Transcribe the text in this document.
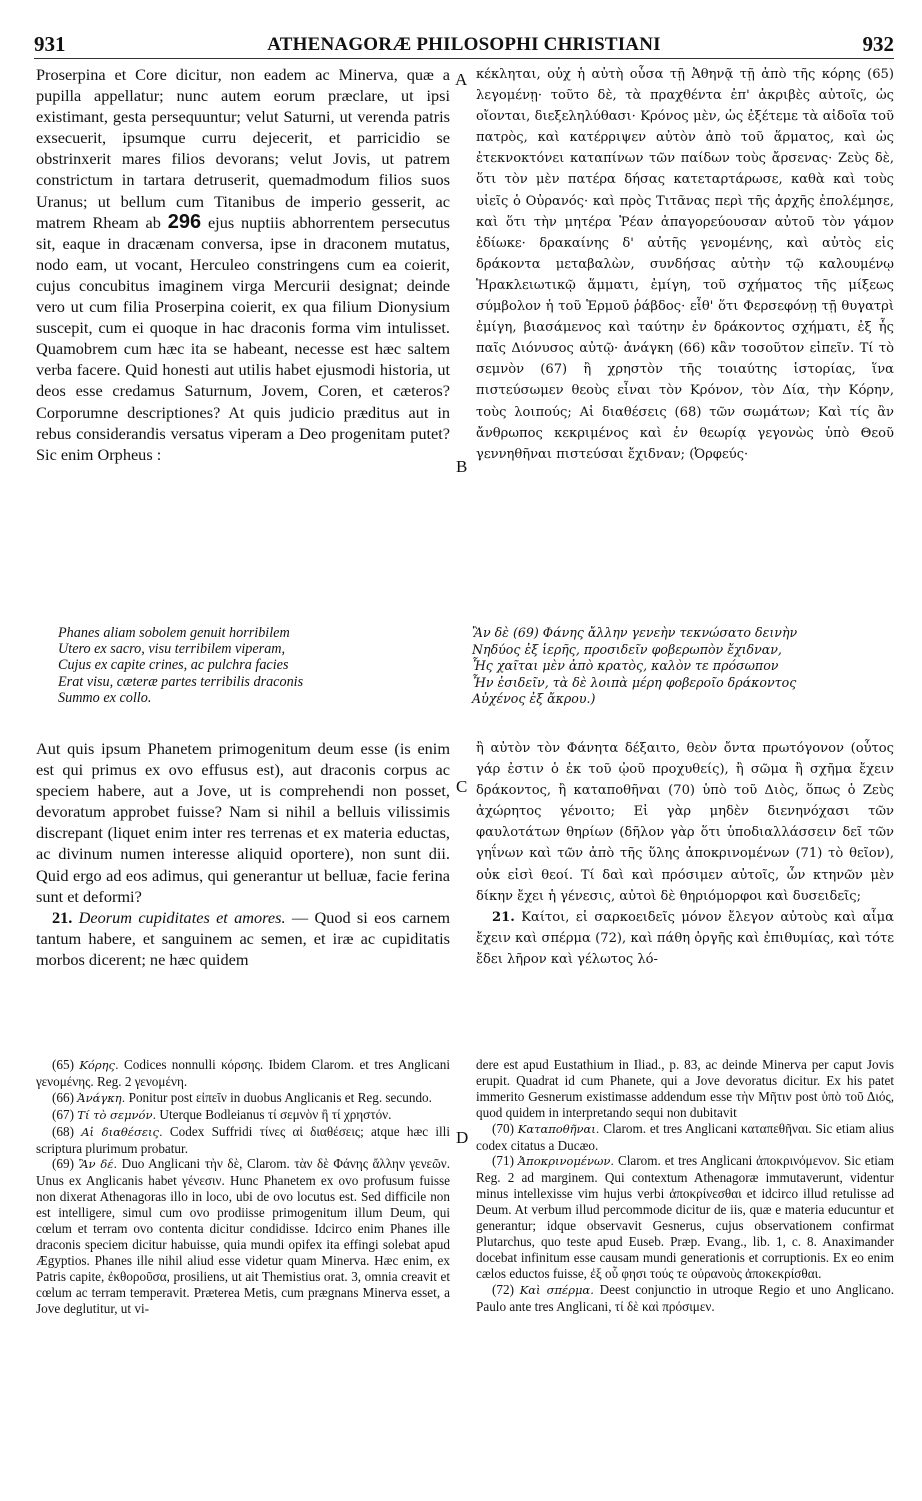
931	ATHENAGORÆ PHILOSOPHI CHRISTIANI	932
A
B
C
D

Proserpina et Core dicitur, non eadem ac Minerva, quæ a pupilla appellatur; nunc autem eorum præclare, ut ipsi existimant, gesta persequuntur; velut Saturni, ut verenda patris exsecuerit, ipsumque curru dejecerit, et parricidio se obstrinxerit mares filios devorans; velut Jovis, ut patrem constrictum in tartara detruserit, quemadmodum filios suos Uranus; ut bellum cum Titanibus de imperio gesserit, ac matrem Rheam ab 296 ejus nuptiis abhorrentem persecutus sit, eaque in dracænam conversa, ipse in draconem mutatus, nodo eam, ut vocant, Herculeo constringens cum ea coierit, cujus concubitus imaginem virga Mercurii designat; deinde vero ut cum filia Proserpina coierit, ex qua filium Dionysium suscepit, cum ei quoque in hac draconis forma vim intulisset. Quamobrem cum hæc ita se habeant, necesse est hæc saltem verba facere. Quid honesti aut utilis habet ejusmodi historia, ut deos esse credamus Saturnum, Jovem, Coren, et cæteros? Corporumne descriptiones? At quis judicio præditus aut in rebus considerandis versatus viperam a Deo progenitam putet? Sic enim Orpheus :

Phanes aliam sobolem genuit horribilem
Utero ex sacro, visu terribilem viperam,
Cujus ex capite crines, ac pulchra facies
Erat visu, cæteræ partes terribilis draconis
Summo ex collo.

Aut quis ipsum Phanetem primogenitum deum esse (is enim est qui primus ex ovo effusus est), aut draconis corpus ac speciem habere, aut a Jove, ut is comprehendi non posset, devoratum approbet fuisse? Nam si nihil a belluis vilissimis discrepant (liquet enim inter res terrenas et ex materia eductas, ac divinum numen interesse aliquid oportere), non sunt dii. Quid ergo ad eos adimus, qui generantur ut belluæ, facie ferina sunt et deformi?

21. Deorum cupiditates et amores. — Quod si eos carnem tantum habere, et sanguinem ac semen, et iræ ac cupiditatis morbos dicerent; ne hæc quidem

κέκληται, οὐχ ἡ αὐτὴ οὖσα τῇ Ἀθηνᾷ τῇ ἀπὸ τῆς κόρης (65) λεγομένῃ· τοῦτο δὲ, τὰ πραχθέντα ἐπ' ἀκριβὲς αὐτοῖς, ὡς οἴονται, διεξεληλύθασι· Κρόνος μὲν, ὡς ἐξέτεμε τὰ αἰδοῖα τοῦ πατρὸς, καὶ κατέρριψεν αὐτὸν ἀπὸ τοῦ ἅρματος, καὶ ὡς ἐτεκνοκτόνει καταπίνων τῶν παίδων τοὺς ἄρσενας· Ζεὺς δὲ, ὅτι τὸν μὲν πατέρα δήσας κατεταρτάρωσε, καθὰ καὶ τοὺς υἱεῖς ὁ Οὐρανός· καὶ πρὸς Τιτᾶνας περὶ τῆς ἀρχῆς ἐπολέμησε, καὶ ὅτι τὴν μητέρα Ῥέαν ἀπαγορεύουσαν αὐτοῦ τὸν γάμον ἐδίωκε· δρακαίνης δ' αὐτῆς γενομένης, καὶ αὐτὸς εἰς δράκοντα μεταβαλὼν, συνδήσας αὐτὴν τῷ καλουμένῳ Ἡρακλειωτικῷ ἅμματι, ἐμίγη, τοῦ σχήματος τῆς μίξεως σύμβολον ἡ τοῦ Ἑρμοῦ ῥάβδος· εἶθ' ὅτι Φερσεφόνῃ τῇ θυγατρὶ ἐμίγη, βιασάμενος καὶ ταύτην ἐν δράκοντος σχήματι, ἐξ ἧς παῖς Διόνυσος αὐτῷ· ἀνάγκη (66) κἂν τοσοῦτον εἰπεῖν. Τί τὸ σεμνὸν (67) ἢ χρηστὸν τῆς τοιαύτης ἱστορίας, ἵνα πιστεύσωμεν θεοὺς εἶναι τὸν Κρόνον, τὸν Δία, τὴν Κόρην, τοὺς λοιπούς; Αἱ διαθέσεις (68) τῶν σωμάτων; Καὶ τίς ἂν ἄνθρωπος κεκριμένος καὶ ἐν θεωρίᾳ γεγονὼς ὑπὸ Θεοῦ γεννηθῆναι πιστεύσαι ἔχιδναν; (Ὀρφεύς·
Ἂν δὲ (69) Φάνης ἄλλην γενεὴν τεκνώσατο δεινὴν
Νηδύος ἐξ ἱερῆς, προσιδεῖν φοβερωπὸν ἔχιδναν,
Ἧς χαῖται μὲν ἀπὸ κρατὸς, καλὸν τε πρόσωπον
Ἦν ἐσιδεῖν, τὰ δὲ λοιπὰ μέρη φοβεροῖο δράκοντος
Αὐχένος ἐξ ἄκρου.)

ἢ αὐτὸν τὸν Φάνητα δέξαιτο, θεὸν ὄντα πρωτόγονον (οὗτος γάρ ἐστιν ὁ ἐκ τοῦ ᾠοῦ προχυθείς), ἢ σῶμα ἢ σχῆμα ἔχειν δράκοντος, ἢ καταποθῆναι (70) ὑπὸ τοῦ Διὸς, ὅπως ὁ Ζεὺς ἀχώρητος γένοιτο; Εἰ γὰρ μηδὲν διενηνόχασι τῶν φαυλοτάτων θηρίων (δῆλον γὰρ ὅτι ὑποδιαλλάσσειν δεῖ τῶν γηΐνων καὶ τῶν ἀπὸ τῆς ὕλης ἀποκρινομένων (71) τὸ θεῖον), οὐκ εἰσὶ θεοί. Τί δαὶ καὶ πρόσιμεν αὐτοῖς, ὧν κτηνῶν μὲν δίκην ἔχει ἡ γένεσις, αὐτοὶ δὲ θηριόμορφοι καὶ δυσειδεῖς;

21. Καίτοι, εἰ σαρκοειδεῖς μόνον ἔλεγον αὐτοὺς καὶ αἷμα ἔχειν καὶ σπέρμα (72), καὶ πάθη ὀργῆς καὶ ἐπιθυμίας, καὶ τότε ἔδει λῆρον καὶ γέλωτος λό-

(65) Κόρης. Codices nonnulli κόρσης. Ibidem Clarom. et tres Anglicani γενομένης. Reg. 2 γενομένη.

(66) Ἀνάγκη. Ponitur post εἰπεῖν in duobus Anglicanis et Reg. secundo.

(67) Τί τὸ σεμνόν. Uterque Bodleianus τί σεμνὸν ἢ τί χρηστόν.

(68) Αἱ διαθέσεις. Codex Suffridi τίνες αἱ διαθέσεις; atque hæc illi scriptura plurimum probatur.

(69) Ἂν δέ. Duo Anglicani τὴν δὲ, Clarom. τὰν δὲ Φάνης ἄλλην γενεῶν. Unus ex Anglicanis habet γένεσιν. Hunc Phanetem ex ovo profusum fuisse non dixerat Athenagoras illo in loco, ubi de ovo locutus est. Sed difficile non est intelligere, simul cum ovo prodiisse primogenitum illum Deum, qui cœlum et terram ovo contenta dicitur condidisse. Idcirco enim Phanes ille draconis speciem dicitur habuisse, quia mundi opifex ita effingi solebat apud Ægyptios. Phanes ille nihil aliud esse videtur quam Minerva. Hæc enim, ex Patris capite, ἐκθοροῦσα, prosiliens, ut ait Themistius orat. 3, omnia creavit et cœlum ac terram temperavit. Præterea Metis, cum prægnans Minerva esset, a Jove deglutitur, ut vi-

dere est apud Eustathium in Iliad., p. 83, ac deinde Minerva per caput Jovis erupit. Quadrat id cum Phanete, qui a Jove devoratus dicitur. Ex his patet immerito Gesnerum existimasse addendum esse τὴν Μῆτιν post ὑπὸ τοῦ Διός, quod quidem in interpretando sequi non dubitavit

(70) Καταποθῆναι. Clarom. et tres Anglicani καταπεθῆναι. Sic etiam alius codex citatus a Ducæo.

(71) Ἀποκρινομένων. Clarom. et tres Anglicani ἀποκρινόμενον. Sic etiam Reg. 2 ad marginem. Qui contextum Athenagoræ immutaverunt, videntur minus intellexisse vim hujus verbi ἀποκρίνεσθαι et idcirco illud retulisse ad Deum. At verbum illud percommode dicitur de iis, quæ e materia educuntur et generantur; idque observavit Gesnerus, cujus observationem confirmat Plutarchus, quo teste apud Euseb. Præp. Evang., lib. 1, c. 8. Anaximander docebat infinitum esse causam mundi generationis et corruptionis. Ex eo enim cælos eductos fuisse, ἐξ οὗ φησι τούς τε οὐρανοὺς ἀποκεκρίσθαι.

(72) Καὶ σπέρμα. Deest conjunctio in utroque Regio et uno Anglicano. Paulo ante tres Anglicani, τί δὲ καὶ πρόσιμεν.
